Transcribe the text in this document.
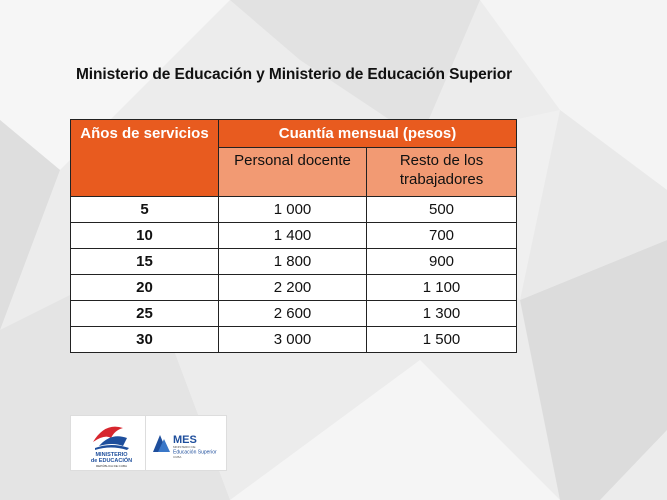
Ministerio de Educación y Ministerio de Educación Superior
Años de servicios	Cuantía mensual (pesos)	
	Personal docente	Resto de los trabajadores
5	1 000	500
10	1 400	700
15	1 800	900
20	2 200	1 100
25	2 600	1 300
30	3 000	1 500
MINISTERIO
de EDUCACIÓN
REPÚBLICA DE CUBA
MES
MINISTERIO DE
Educación Superior
CUBA
